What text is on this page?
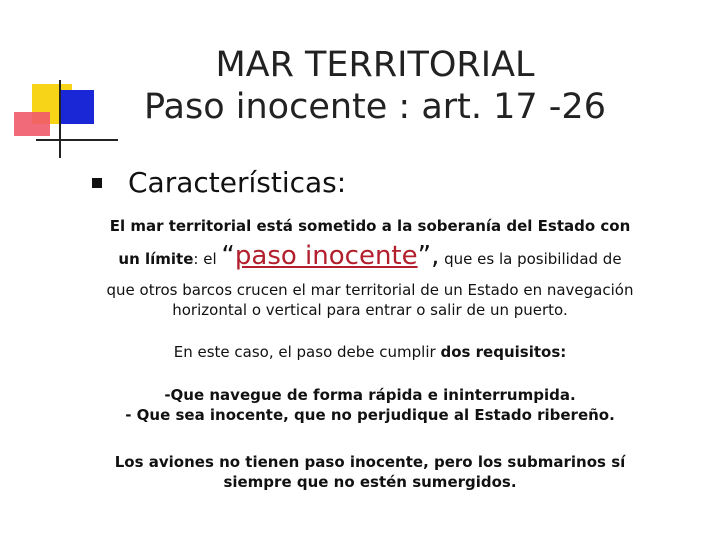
MAR TERRITORIAL
Paso inocente : art. 17 -26
Características:
El mar territorial está sometido a la soberanía del Estado con
un límite: el “paso inocente”, que es la posibilidad de
que otros barcos crucen el mar territorial de un Estado en navegación
horizontal o vertical para entrar o salir de un puerto.
En este caso, el paso debe cumplir dos requisitos:
-Que navegue de forma rápida e ininterrumpida.
- Que sea inocente, que no perjudique al Estado ribereño.
Los aviones no tienen paso inocente, pero los submarinos sí
siempre que no estén sumergidos.
